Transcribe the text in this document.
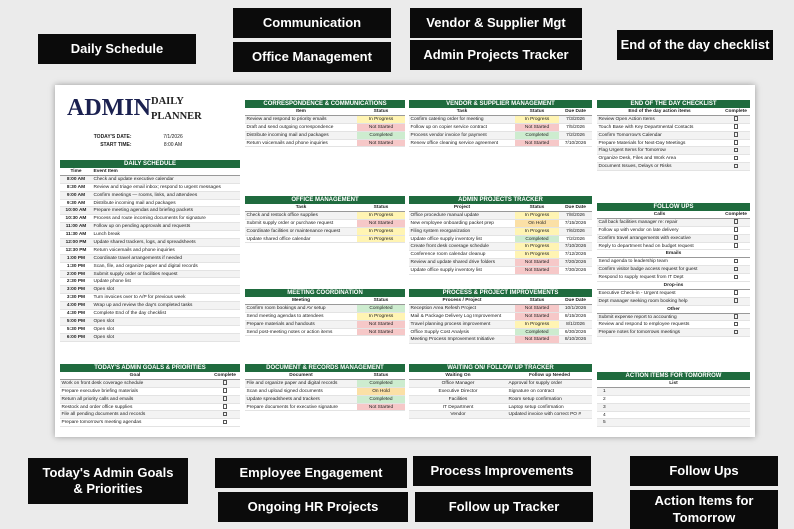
Daily Schedule
Communication	Vendor & Supplier Mgt
Office Management	Admin Projects Tracker
End of the day checklist
Today's Admin Goals & Priorities
Employee Engagement	Process Improvements	Follow Ups
Ongoing HR Projects	Follow up Tracker	Action Items for Tomorrow
ADMIN DAILY PLANNER
TODAY'S DATE:	7/1/2026
START TIME:	8:00 AM
DAILY SCHEDULE
Time	Event Item
8:00 AM	Check and update executive calendar
8:30 AM	Review and triage email inbox; respond to urgent messages
9:00 AM	Confirm meetings — rooms, links, and attendees
9:30 AM	Distribute incoming mail and packages
10:00 AM	Prepare meeting agendas and briefing packets
10:30 AM	Process and route incoming documents for signature
11:00 AM	Follow up on pending approvals and requests
11:30 AM	Lunch break
12:00 PM	Update shared trackers, logs, and spreadsheets
12:30 PM	Return voicemails and phone inquiries
1:00 PM	Coordinate travel arrangements if needed
1:30 PM	Scan, file, and organize paper and digital records
2:00 PM	Submit supply order or facilities request
2:30 PM	Update phone list
3:00 PM	Open slot
3:30 PM	Turn invoices over to A/P for previous week
4:00 PM	Wrap up and review the day's completed tasks
4:30 PM	Complete End of the day checklist
5:00 PM	Open slot
5:30 PM	Open slot
6:00 PM	Open slot
TODAY'S ADMIN GOALS & PRIORITIES
Goal	Complete
Work on front desk coverage schedule
Prepare executive briefing materials
Return all priority calls and emails
Restock and order office supplies
File all pending documents and records
Prepare tomorrow's meeting agendas
CORRESPONDENCE & COMMUNICATIONS
Item	Status
Review and respond to priority emails	In Progress
Draft and send outgoing correspondence	Not Started
Distribute incoming mail and packages	Completed
Return voicemails and phone inquiries	Not Started
OFFICE MANAGEMENT
Task	Status
Check and restock office supplies	In Progress
Submit supply order or purchase request	Not Started
Coordinate facilities or maintenance request	In Progress
Update shared office calendar	In Progress
MEETING COORDINATION
Meeting	Status
Confirm room bookings and AV setup	Completed
Send meeting agendas to attendees	In Progress
Prepare materials and handouts	Not Started
Send post-meeting notes or action items	Not Started
DOCUMENT & RECORDS MANAGEMENT
Document	Status
File and organize paper and digital records	Completed
Scan and upload signed documents	On Hold
Update spreadsheets and trackers	Completed
Prepare documents for executive signature	Not Started
VENDOR & SUPPLIER MANAGEMENT
Task	Status	Due Date
Confirm catering order for meeting	In Progress	7/3/2026
Follow up on copier service contract	Not Started	7/5/2026
Process vendor invoice for payment	Completed	7/2/2026
Renew office cleaning service agreement	Not Started	7/10/2026
ADMIN PROJECTS TRACKER
Project	Status	Due Date
Office procedure manual update	In Progress	7/8/2026
New employee onboarding packet prep	On Hold	7/15/2026
Filing system reorganization	In Progress	7/6/2026
Update office supply inventory list	Completed	7/2/2026
Create front desk coverage schedule	In Progress	7/10/2026
Conference room calendar cleanup	In Progress	7/12/2026
Review and update shared drive folders	Not Started	7/20/2026
Update office supply inventory list	Not Started	7/30/2026
PROCESS & PROJECT IMPROVEMENTS
Process / Project	Status	Due Date
Reception Area Refesh Project	Not Started	10/1/2026
Mail & Package Delivery Log Improvement	Not Started	8/15/2026
Travel planning process improvement	In Progress	8/1/2026
Office Supply Cost Analysis	Completed	6/30/2026
Meeting Process Improvement Initiative	Not Started	8/10/2026
WAITING ON/ FOLLOW UP TRACKER
Waiting On	Follow up Needed
Office Manager	Approval for supply order
Executive Director	Signature on contract
Facilities	Room setup confirmation
IT Department	Laptop setup confirmation
Vendor	Updated invoice with correct PO #
END OF THE DAY CHECKLIST
End of the day action items	Complete
Review Open Action Items
Touch Base with Key Departmental Contacts
Confirm Tomorrow's Calendar
Prepare Materials for Next-Day Meetings
Flag Urgent Items for Tomorrow
Organize Desk, Files and Work Area
Document Issues, Delays or Risks
FOLLOW UPS
Calls	Complete
Call back facilities manager re: repair
Follow up with vendor on late delivery
Confirm travel arrangements with executive
Reply to department head on budget request
Emails
Send agenda to leadership team
Confirm visitor badge access request for guest
Respond to supply request from IT Dept
Drop-ins
Executive Check-in - Urgent request
Dept manager seeking room booking help
Other
Submit expense report to accounting
Review and respond to employee requests
Prepare notes for tomorrows meetings
ACTION ITEMS FOR TOMORROW
List
1
2
3
4
5
